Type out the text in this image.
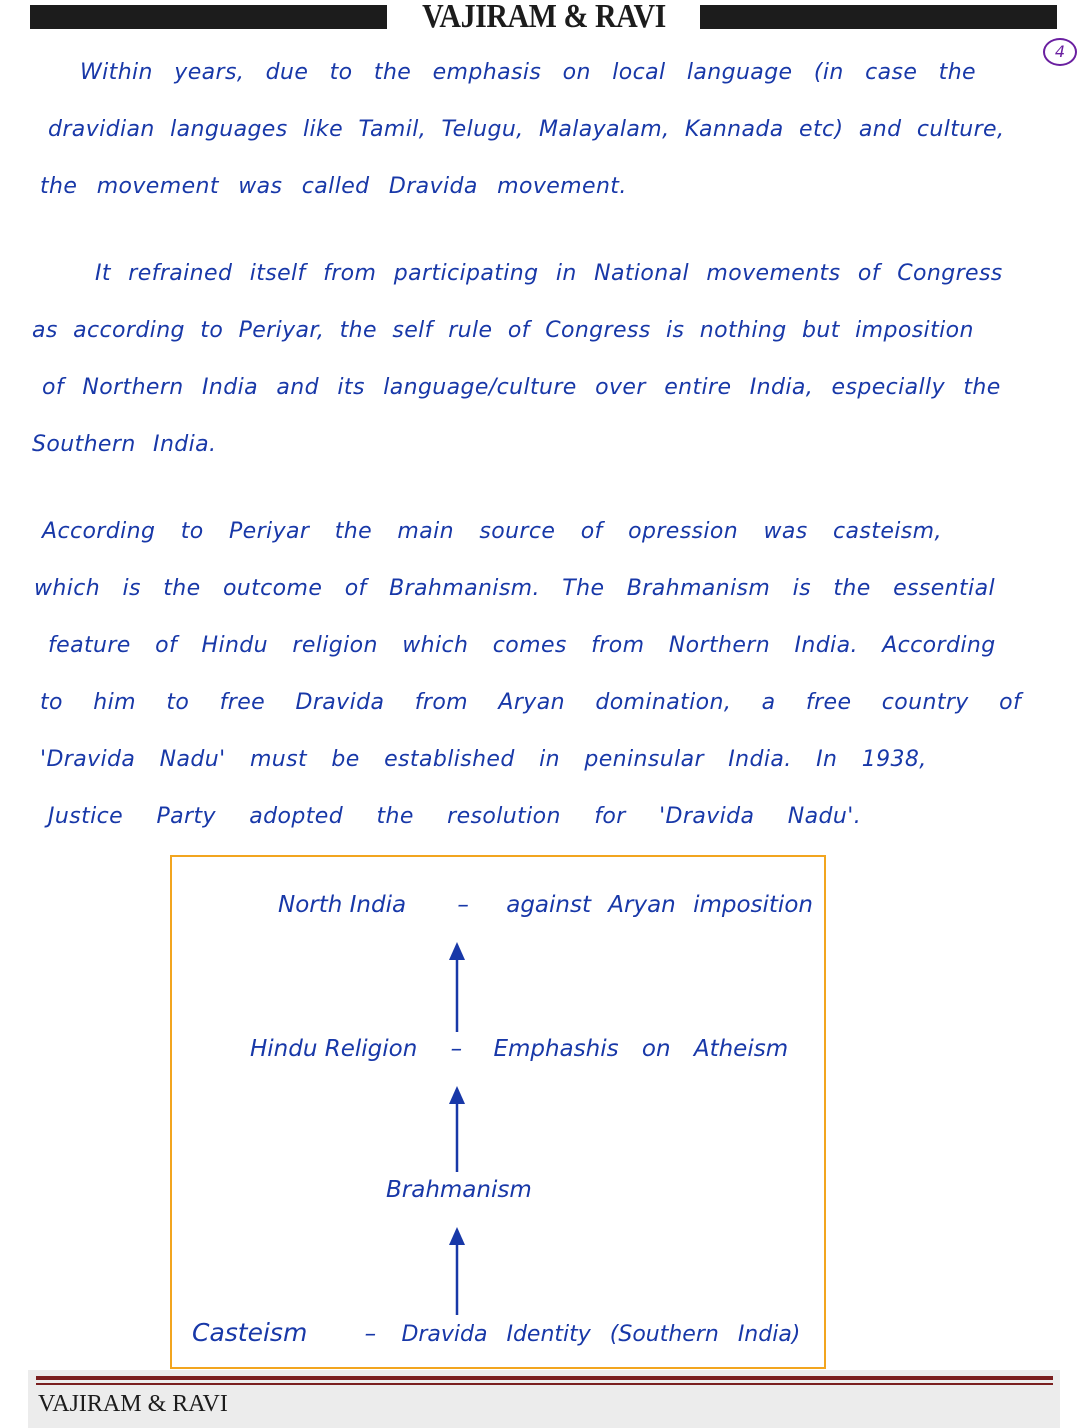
VAJIRAM & RAVI
4
Within years, due to the emphasis on local language (in case the
dravidian languages like Tamil, Telugu, Malayalam, Kannada etc) and culture,
the movement was called Dravida movement.
It refrained itself from participating in National movements of Congress
as according to Periyar, the self rule of Congress is nothing but imposition
of Northern India and its language/culture over entire India, especially the
Southern India.
According to Periyar the main source of opression was casteism,
which is the outcome of Brahmanism. The Brahmanism is the essential
feature of Hindu religion which comes from Northern India. According
to him to free Dravida from Aryan domination, a free country of
'Dravida Nadu' must be established in peninsular India. In 1938,
Justice Party adopted the resolution for 'Dravida Nadu'.
North India – against Aryan imposition
Hindu Religion – Emphashis on Atheism
Brahmanism
Casteism – Dravida Identity (Southern India)
VAJIRAM & RAVI
